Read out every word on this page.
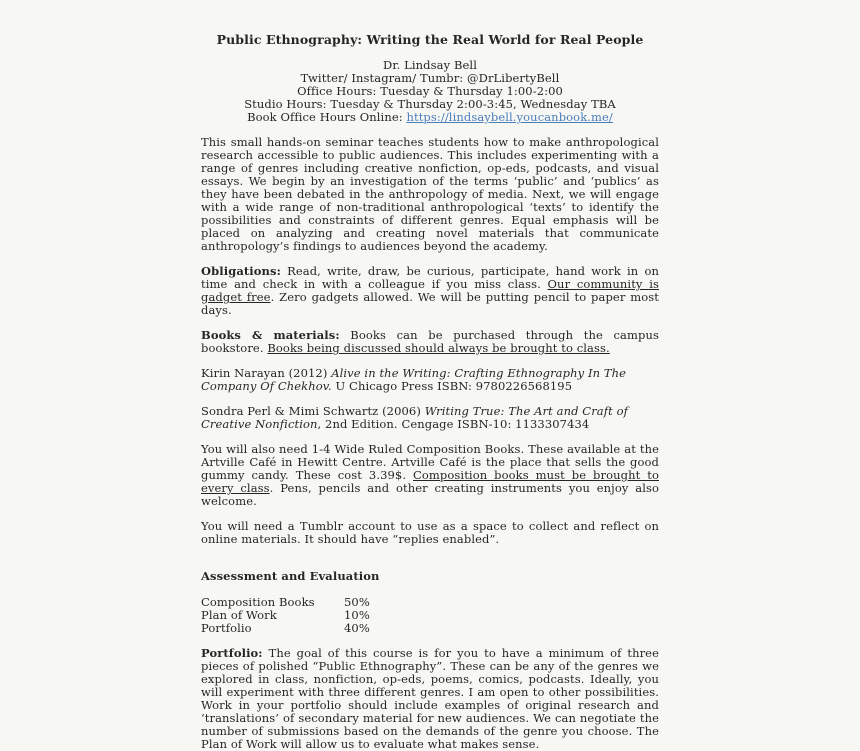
Public Ethnography: Writing the Real World for Real People
Dr. Lindsay Bell
Twitter/ Instagram/ Tumbr: @DrLibertyBell
Office Hours: Tuesday & Thursday 1:00-2:00
Studio Hours: Tuesday & Thursday 2:00-3:45, Wednesday TBA
Book Office Hours Online: https://lindsaybell.youcanbook.me/

This small hands-on seminar teaches students how to make anthropological research accessible to public audiences. This includes experimenting with a range of genres including creative nonfiction, op-eds, podcasts, and visual essays. We begin by an investigation of the terms ‘public’ and ‘publics’ as they have been debated in the anthropology of media. Next, we will engage with a wide range of non-traditional anthropological ‘texts’ to identify the possibilities and constraints of different genres. Equal emphasis will be placed on analyzing and creating novel materials that communicate anthropology’s findings to audiences beyond the academy.

Obligations: Read, write, draw, be curious, participate, hand work in on time and check in with a colleague if you miss class. Our community is gadget free. Zero gadgets allowed. We will be putting pencil to paper most days.

Books & materials: Books can be purchased through the campus bookstore. Books being discussed should always be brought to class.

Kirin Narayan (2012) Alive in the Writing: Crafting Ethnography In The Company Of Chekhov. U Chicago Press ISBN: 9780226568195

Sondra Perl & Mimi Schwartz (2006) Writing True: The Art and Craft of Creative Nonfiction, 2nd Edition. Cengage ISBN-10: 1133307434

You will also need 1-4 Wide Ruled Composition Books. These available at the Artville Café in Hewitt Centre. Artville Café is the place that sells the good gummy candy. These cost 3.39$. Composition books must be brought to every class. Pens, pencils and other creating instruments you enjoy also welcome.

You will need a Tumblr account to use as a space to collect and reflect on online materials. It should have “replies enabled”.

Assessment and Evaluation
Composition Books	50%
Plan of Work	10%
Portfolio	40%

Portfolio: The goal of this course is for you to have a minimum of three pieces of polished “Public Ethnography”. These can be any of the genres we explored in class, nonfiction, op-eds, poems, comics, podcasts. Ideally, you will experiment with three different genres. I am open to other possibilities. Work in your portfolio should include examples of original research and ‘translations’ of secondary material for new audiences. We can negotiate the number of submissions based on the demands of the genre you choose. The Plan of Work will allow us to evaluate what makes sense.
